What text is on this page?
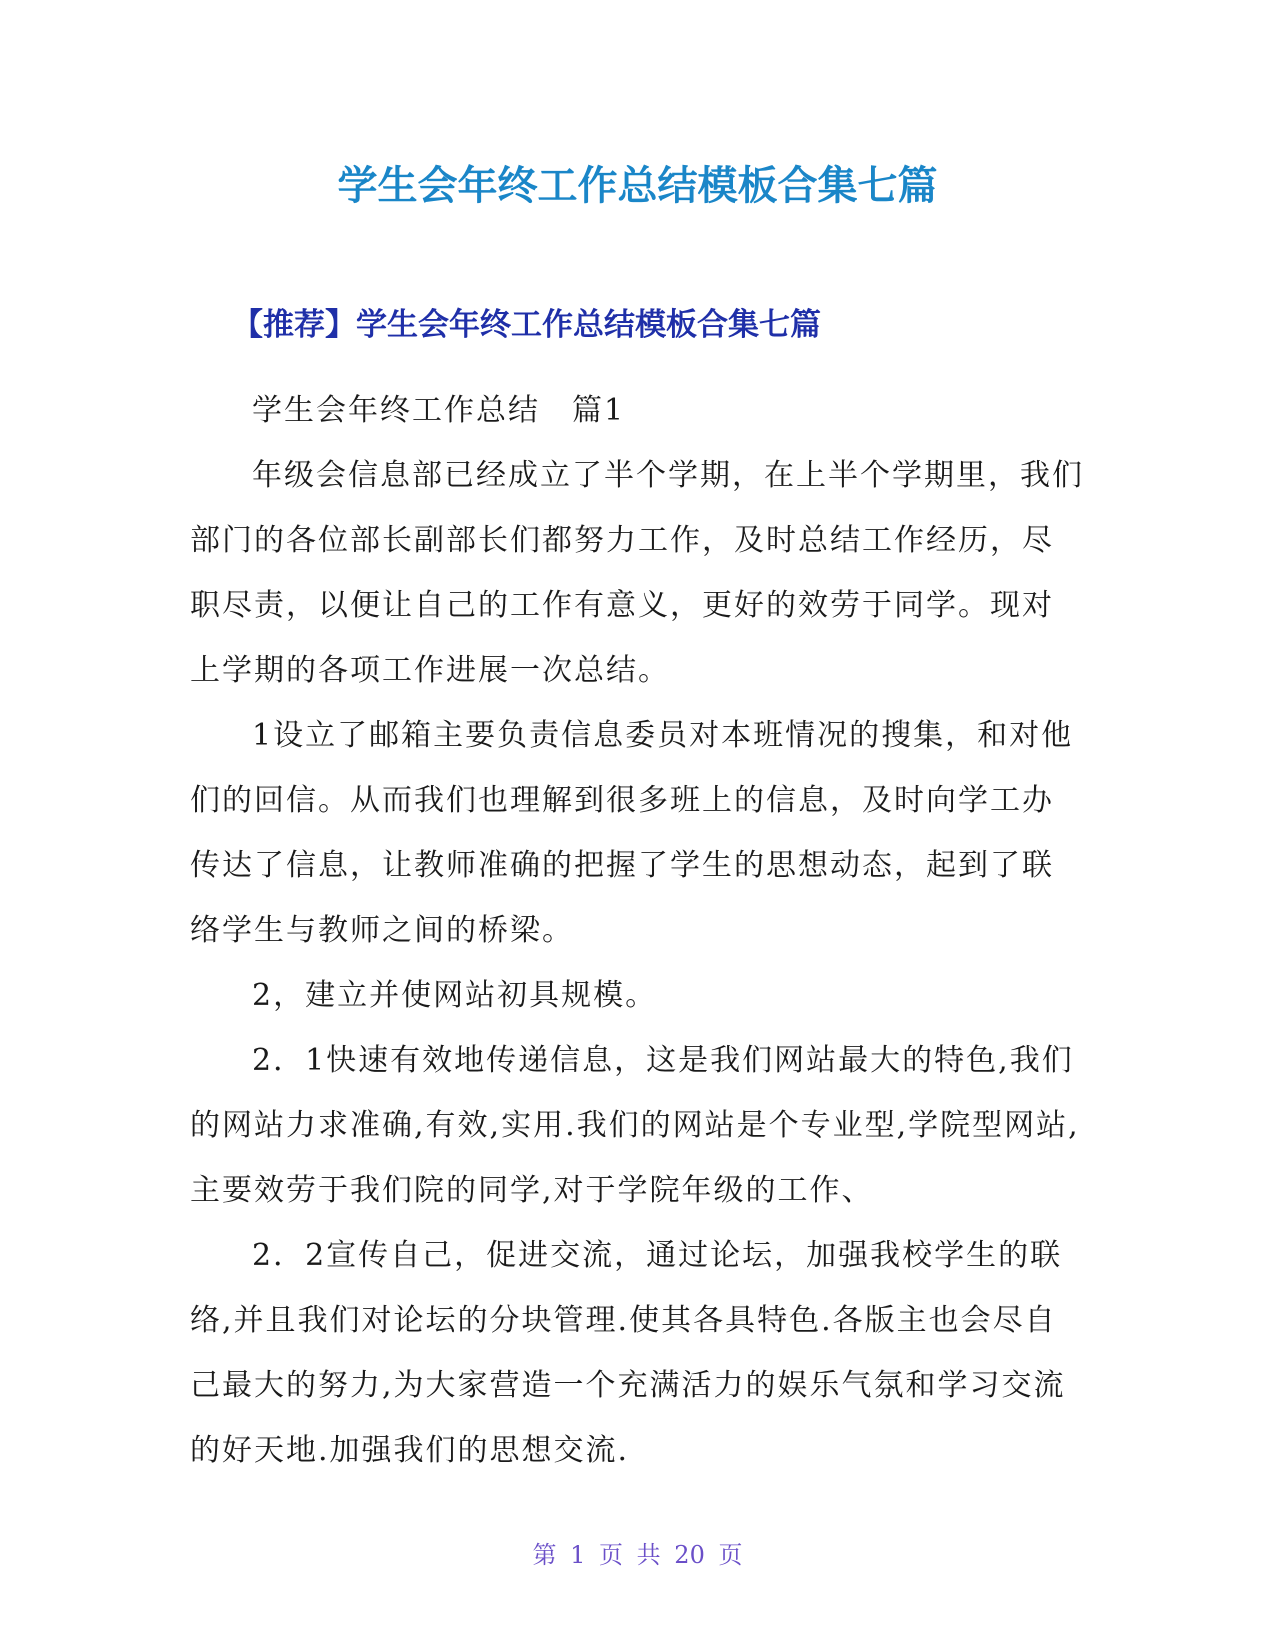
学生会年终工作总结模板合集七篇
【推荐】学生会年终工作总结模板合集七篇

学生会年终工作总结　篇1

年级会信息部已经成立了半个学期，在上半个学期里，我们部门的各位部长副部长们都努力工作，及时总结工作经历，尽职尽责，以便让自己的工作有意义，更好的效劳于同学。现对上学期的各项工作进展一次总结。

1设立了邮箱主要负责信息委员对本班情况的搜集，和对他们的回信。从而我们也理解到很多班上的信息，及时向学工办传达了信息，让教师准确的把握了学生的思想动态，起到了联络学生与教师之间的桥梁。

2，建立并使网站初具规模。

2．1快速有效地传递信息，这是我们网站最大的特色,我们的网站力求准确,有效,实用.我们的网站是个专业型,学院型网站,主要效劳于我们院的同学,对于学院年级的工作、

2．2宣传自己，促进交流，通过论坛，加强我校学生的联络,并且我们对论坛的分块管理.使其各具特色.各版主也会尽自己最大的努力,为大家营造一个充满活力的娱乐气氛和学习交流的好天地.加强我们的思想交流.

第 1 页 共 20 页
